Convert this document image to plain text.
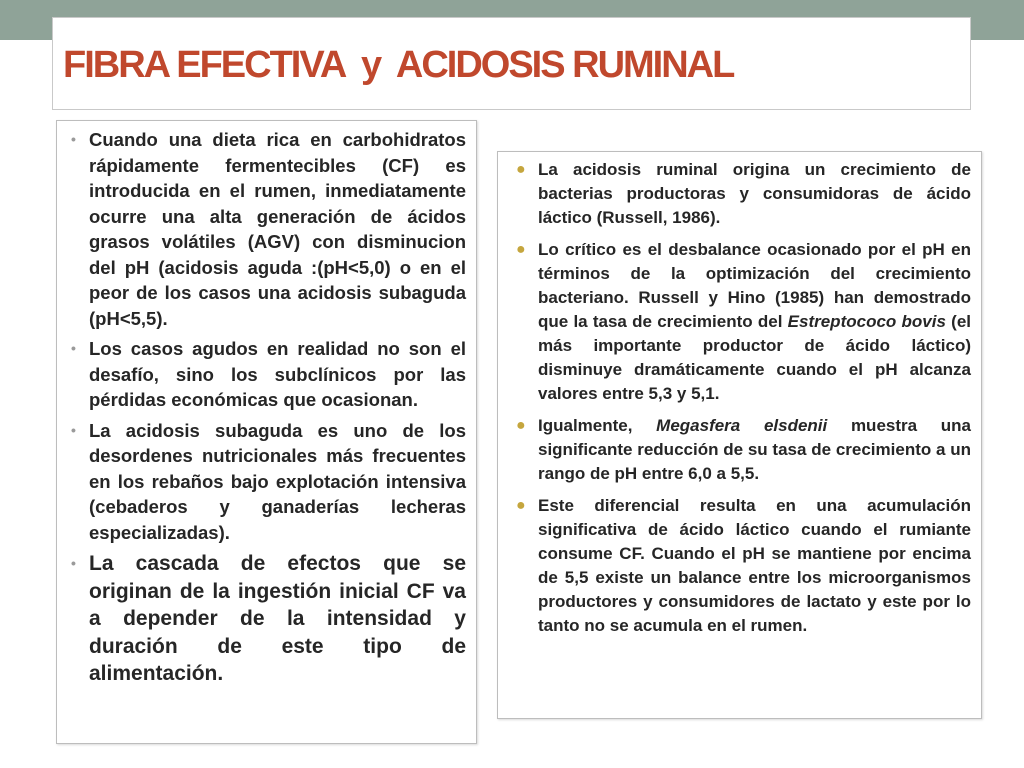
FIBRA EFECTIVA  y  ACIDOSIS RUMINAL
• Cuando una dieta rica en carbohidratos rápidamente fermentecibles (CF) es introducida en el rumen, inmediatamente ocurre una alta generación de ácidos grasos volátiles (AGV) con disminucion del pH (acidosis aguda :(pH<5,0) o en el peor de los casos una acidosis subaguda (pH<5,5).
• Los casos agudos en realidad no son el desafío, sino los subclínicos por las pérdidas económicas que ocasionan.
• La acidosis subaguda es uno de los desordenes nutricionales más frecuentes en los rebaños bajo explotación intensiva (cebaderos y ganaderías lecheras especializadas).
• La cascada de efectos que se originan de la ingestión inicial CF va a depender de la intensidad y duración de este tipo de alimentación.
● La acidosis ruminal origina un crecimiento de bacterias productoras y consumidoras de ácido láctico (Russell, 1986).
● Lo crítico es el desbalance ocasionado por el pH en términos de la optimización del crecimiento bacteriano. Russell y Hino (1985) han demostrado que la tasa de crecimiento del Estreptococo bovis (el más importante productor de ácido láctico) disminuye dramáticamente cuando el pH alcanza valores entre 5,3 y 5,1.
● Igualmente, Megasfera elsdenii muestra una significante reducción de su tasa de crecimiento a un rango de pH entre 6,0 a 5,5.
● Este diferencial resulta en una acumulación significativa de ácido láctico cuando el rumiante consume CF. Cuando el pH se mantiene por encima de 5,5 existe un balance entre los microorganismos productores y consumidores de lactato y este por lo tanto no se acumula en el rumen.
